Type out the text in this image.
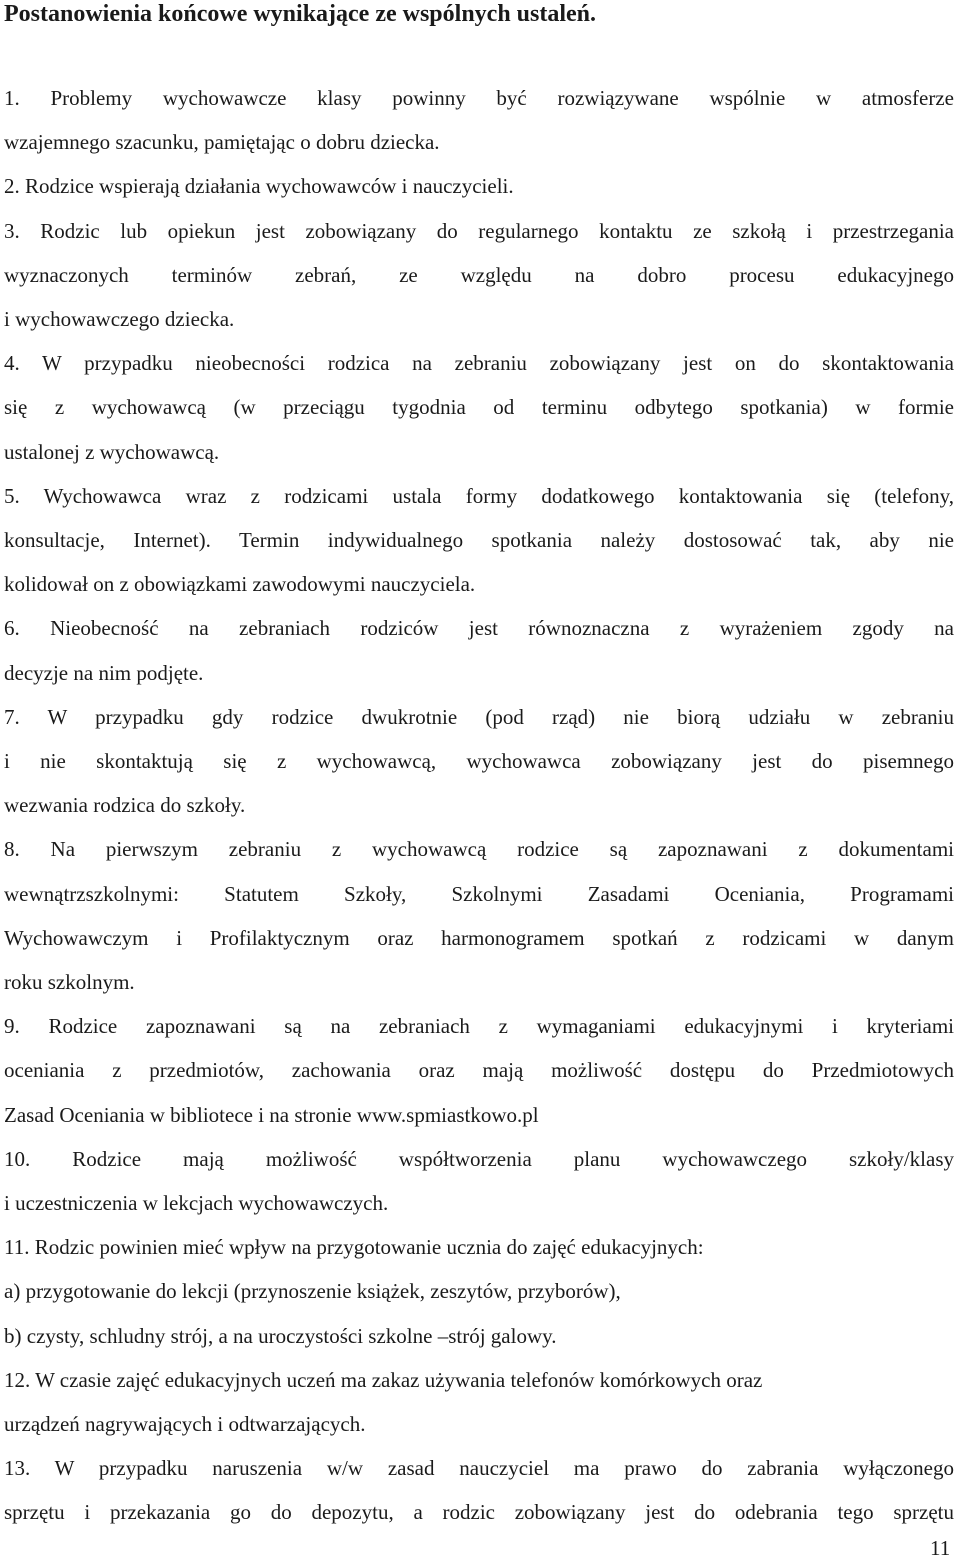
Postanowienia końcowe wynikające ze wspólnych ustaleń.
1. Problemy wychowawcze klasy powinny być rozwiązywane wspólnie w atmosferze
wzajemnego szacunku, pamiętając o dobru dziecka.
2. Rodzice wspierają działania wychowawców i nauczycieli.
3. Rodzic lub opiekun jest zobowiązany do regularnego kontaktu ze szkołą i przestrzegania
wyznaczonych terminów zebrań, ze względu na dobro procesu edukacyjnego
i wychowawczego dziecka.
4. W przypadku nieobecności rodzica na zebraniu zobowiązany jest on do skontaktowania
się z wychowawcą (w przeciągu tygodnia od terminu odbytego spotkania) w formie
ustalonej z wychowawcą.
5. Wychowawca wraz z rodzicami ustala formy dodatkowego kontaktowania się (telefony,
konsultacje, Internet). Termin indywidualnego spotkania należy dostosować tak, aby nie
kolidował on z obowiązkami zawodowymi nauczyciela.
6. Nieobecność na zebraniach rodziców jest równoznaczna z wyrażeniem zgody na
decyzje na nim podjęte.
7. W przypadku gdy rodzice dwukrotnie (pod rząd) nie biorą udziału w zebraniu
i nie skontaktują się z wychowawcą, wychowawca zobowiązany jest do pisemnego
wezwania rodzica do szkoły.
8. Na pierwszym zebraniu z wychowawcą rodzice są zapoznawani z dokumentami
wewnątrzszkolnymi: Statutem Szkoły, Szkolnymi Zasadami Oceniania, Programami
Wychowawczym i Profilaktycznym oraz harmonogramem spotkań z rodzicami w danym
roku szkolnym.
9. Rodzice zapoznawani są na zebraniach z wymaganiami edukacyjnymi i kryteriami
oceniania z przedmiotów, zachowania oraz mają możliwość dostępu do Przedmiotowych
Zasad Oceniania w bibliotece i na stronie www.spmiastkowo.pl
10. Rodzice mają możliwość współtworzenia planu wychowawczego szkoły/klasy
i uczestniczenia w lekcjach wychowawczych.
11. Rodzic powinien mieć wpływ na przygotowanie ucznia do zajęć edukacyjnych:
a) przygotowanie do lekcji (przynoszenie książek, zeszytów, przyborów),
b) czysty, schludny strój, a na uroczystości szkolne –strój galowy.
12. W czasie zajęć edukacyjnych uczeń ma zakaz używania telefonów komórkowych oraz
urządzeń nagrywających i odtwarzających.
13. W przypadku naruszenia w/w zasad nauczyciel ma prawo do zabrania wyłączonego
sprzętu i przekazania go do depozytu, a rodzic zobowiązany jest do odebrania tego sprzętu
11
